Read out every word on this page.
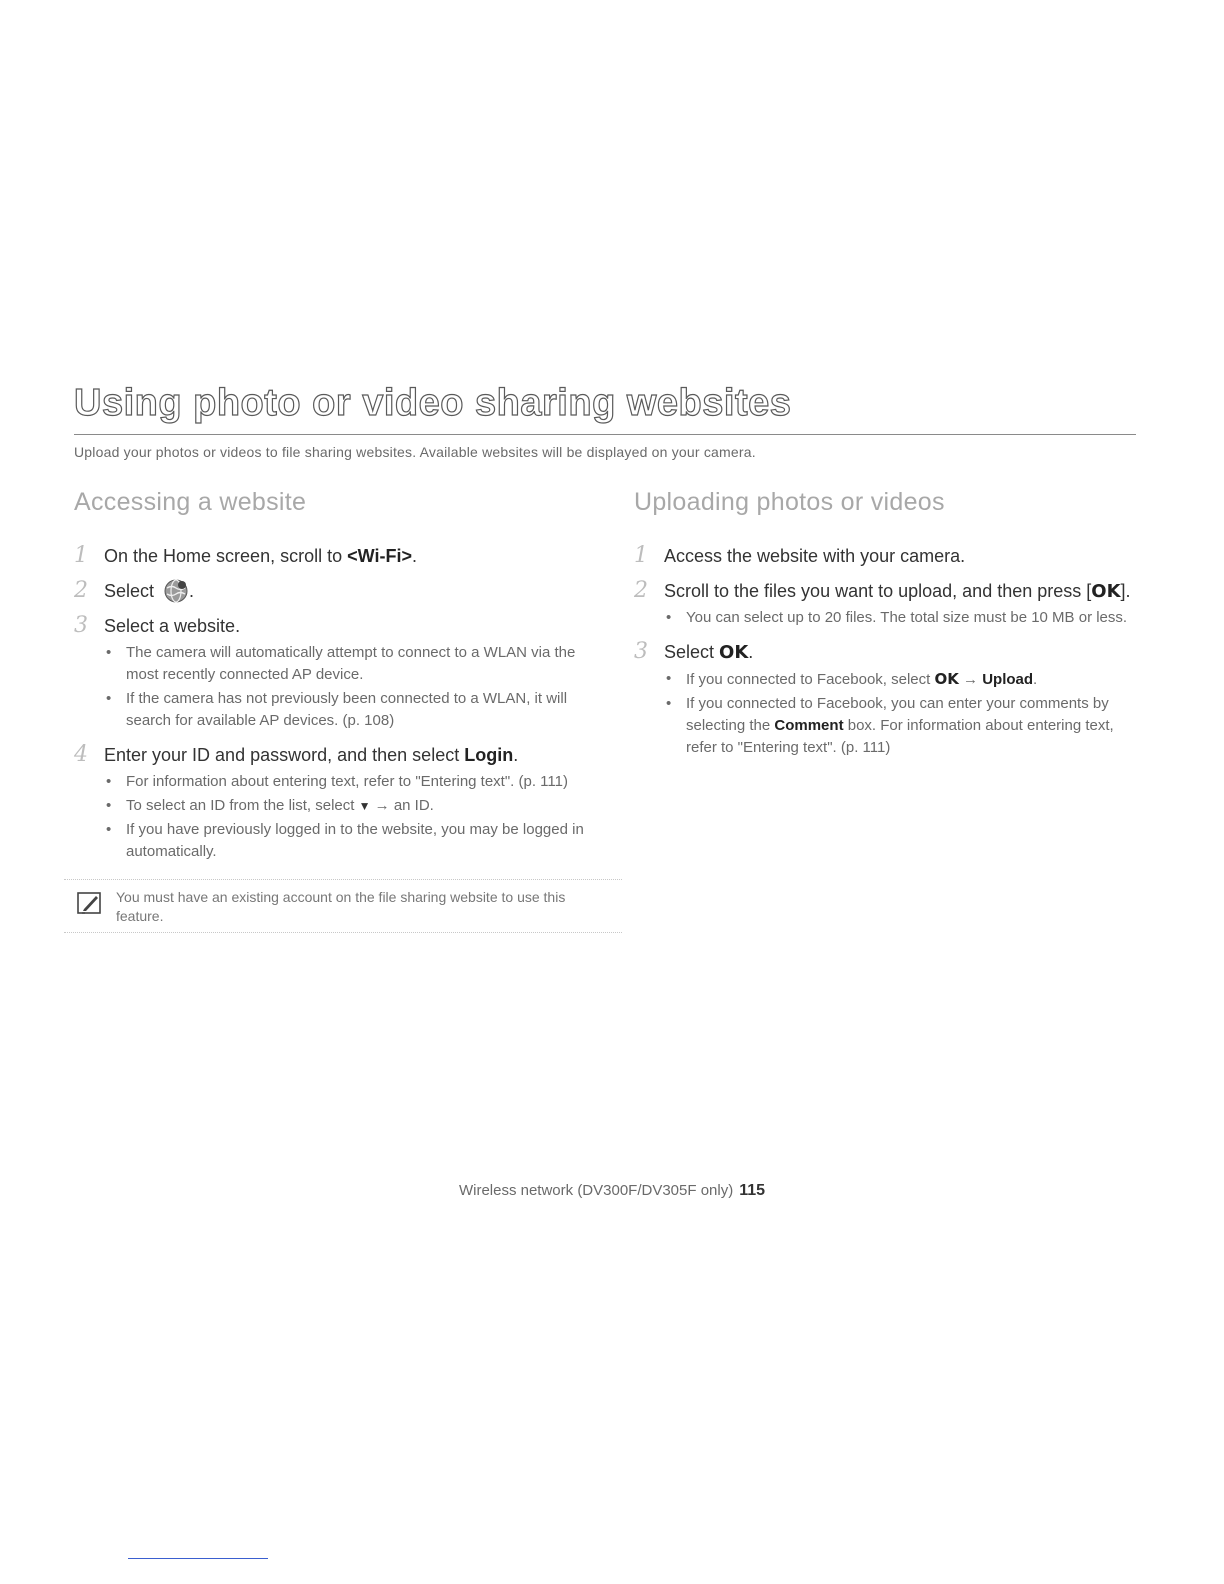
Using photo or video sharing websites
Upload your photos or videos to file sharing websites. Available websites will be displayed on your camera.
Accessing a website
1 On the Home screen, scroll to <Wi-Fi>.
2 Select .
3 Select a website.
• The camera will automatically attempt to connect to a WLAN via the most recently connected AP device.
• If the camera has not previously been connected to a WLAN, it will search for available AP devices. (p. 108)
4 Enter your ID and password, and then select Login.
• For information about entering text, refer to "Entering text". (p. 111)
• To select an ID from the list, select ▼ → an ID.
• If you have previously logged in to the website, you may be logged in automatically.
You must have an existing account on the file sharing website to use this feature.
Uploading photos or videos
1 Access the website with your camera.
2 Scroll to the files you want to upload, and then press [OK].
• You can select up to 20 files. The total size must be 10 MB or less.
3 Select OK.
• If you connected to Facebook, select OK → Upload.
• If you connected to Facebook, you can enter your comments by selecting the Comment box. For information about entering text, refer to "Entering text". (p. 111)
Wireless network (DV300F/DV305F only) 115
